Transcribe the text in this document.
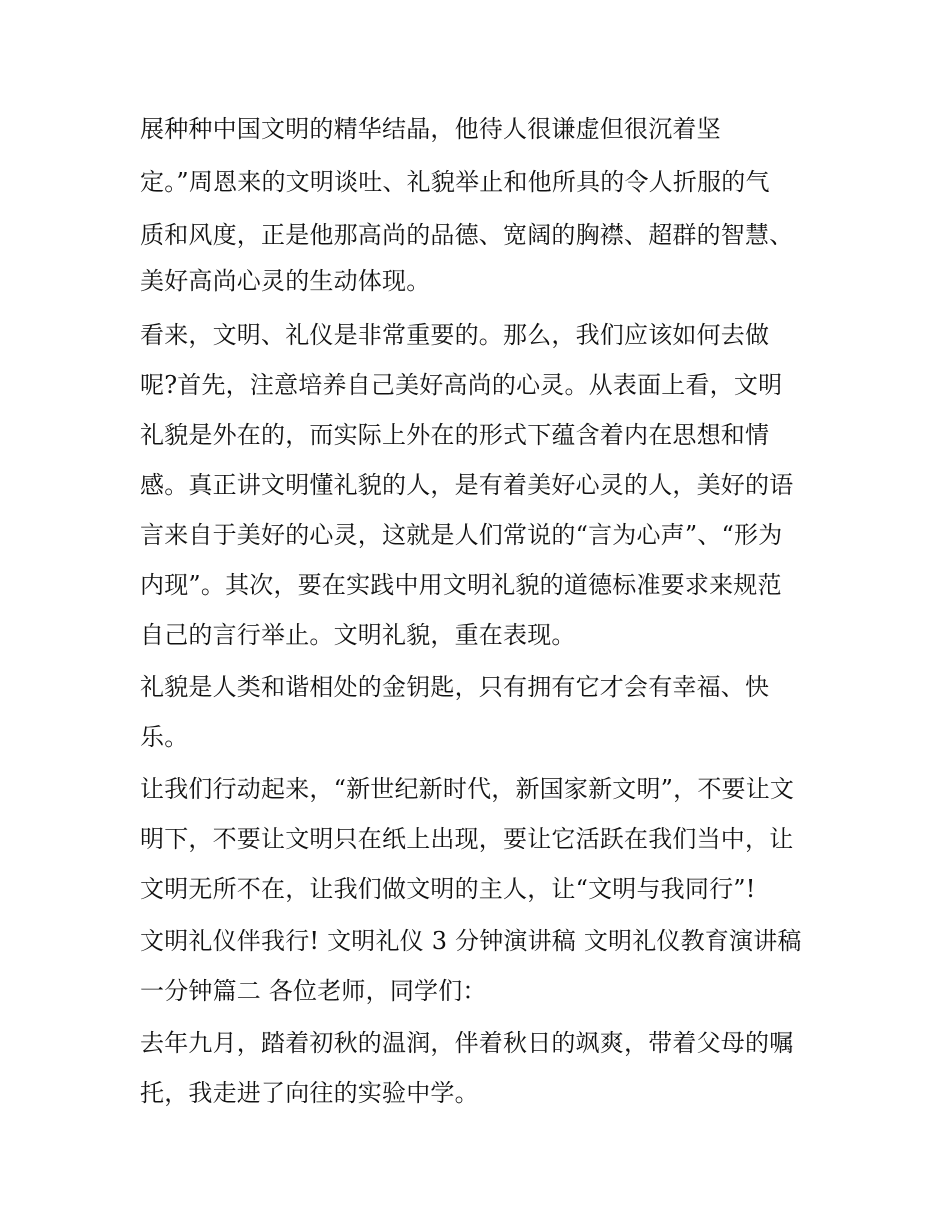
展种种中国文明的精华结晶，他待人很谦虚但很沉着坚
定。”周恩来的文明谈吐、礼貌举止和他所具的令人折服的气
质和风度，正是他那高尚的品德、宽阔的胸襟、超群的智慧、
美好高尚心灵的生动体现。
看来，文明、礼仪是非常重要的。那么，我们应该如何去做
呢?首先，注意培养自己美好高尚的心灵。从表面上看，文明
礼貌是外在的，而实际上外在的形式下蕴含着内在思想和情
感。真正讲文明懂礼貌的人，是有着美好心灵的人，美好的语
言来自于美好的心灵，这就是人们常说的“言为心声”、“形为
内现”。其次，要在实践中用文明礼貌的道德标准要求来规范
自己的言行举止。文明礼貌，重在表现。
礼貌是人类和谐相处的金钥匙，只有拥有它才会有幸福、快
乐。
让我们行动起来，“新世纪新时代，新国家新文明”，不要让文
明下，不要让文明只在纸上出现，要让它活跃在我们当中，让
文明无所不在，让我们做文明的主人，让“文明与我同行”!
文明礼仪伴我行! 文明礼仪 3 分钟演讲稿 文明礼仪教育演讲稿
一分钟篇二 各位老师，同学们：
去年九月，踏着初秋的温润，伴着秋日的飒爽，带着父母的嘱
托，我走进了向往的实验中学。
